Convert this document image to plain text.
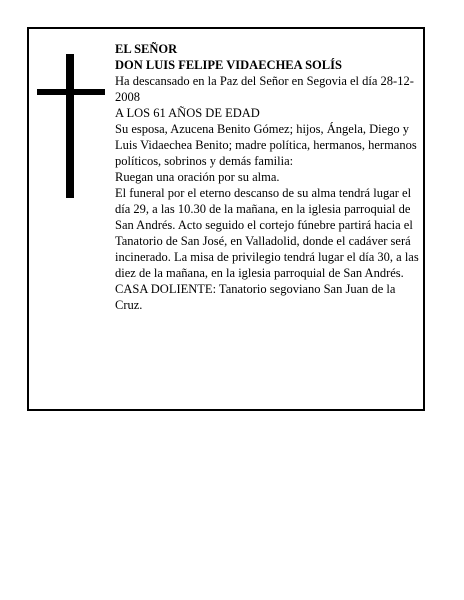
EL SEÑOR

DON LUIS FELIPE VIDAECHEA SOLÍS

Ha descansado en la Paz del Señor en Segovia el día 28-12-2008

A LOS 61 AÑOS DE EDAD

Su esposa, Azucena Benito Gómez; hijos, Ángela, Diego y Luis Vidaechea Benito; madre política, hermanos, hermanos políticos, sobrinos y demás familia:

Ruegan una oración por su alma.

El funeral por el eterno descanso de su alma tendrá lugar el día 29, a las 10.30 de la mañana, en la iglesia parroquial de San Andrés. Acto seguido el cortejo fúnebre partirá hacia el Tanatorio de San José, en Valladolid, donde el cadáver será incinerado. La misa de privilegio tendrá lugar el día 30, a las diez de la mañana, en la iglesia parroquial de San Andrés.

CASA DOLIENTE: Tanatorio segoviano San Juan de la Cruz.
